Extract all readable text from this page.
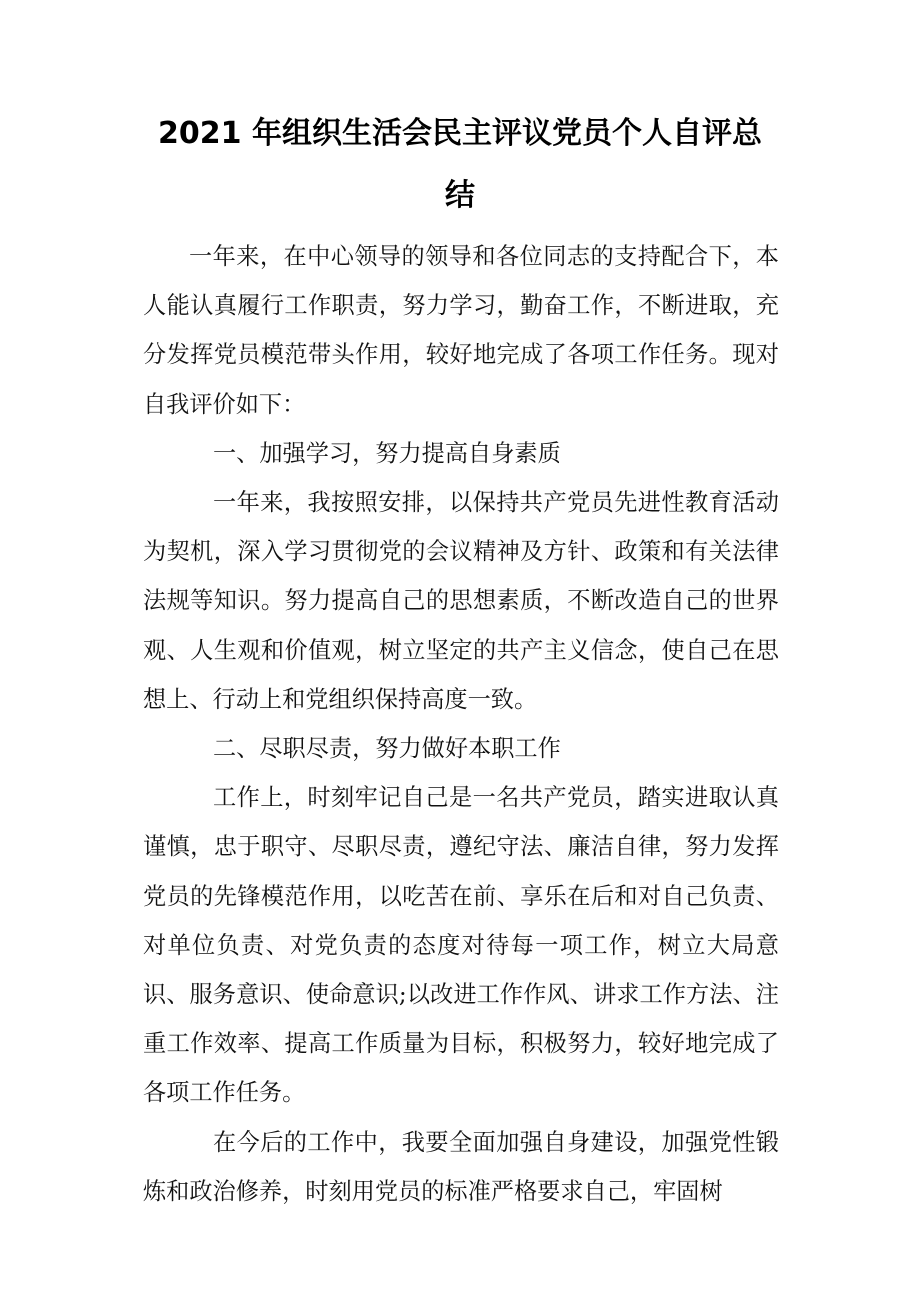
2021 年组织生活会民主评议党员个人自评总
结

一年来，在中心领导的领导和各位同志的支持配合下，本人能认真履行工作职责，努力学习，勤奋工作，不断进取，充分发挥党员模范带头作用，较好地完成了各项工作任务。现对自我评价如下：

一、加强学习，努力提高自身素质

一年来，我按照安排，以保持共产党员先进性教育活动为契机，深入学习贯彻党的会议精神及方针、政策和有关法律法规等知识。努力提高自己的思想素质，不断改造自己的世界观、人生观和价值观，树立坚定的共产主义信念，使自己在思想上、行动上和党组织保持高度一致。

二、尽职尽责，努力做好本职工作

工作上，时刻牢记自己是一名共产党员，踏实进取认真谨慎，忠于职守、尽职尽责，遵纪守法、廉洁自律，努力发挥党员的先锋模范作用，以吃苦在前、享乐在后和对自己负责、对单位负责、对党负责的态度对待每一项工作，树立大局意识、服务意识、使命意识;以改进工作作风、讲求工作方法、注重工作效率、提高工作质量为目标，积极努力，较好地完成了各项工作任务。

在今后的工作中，我要全面加强自身建设，加强党性锻炼和政治修养，时刻用党员的标准严格要求自己，牢固树
